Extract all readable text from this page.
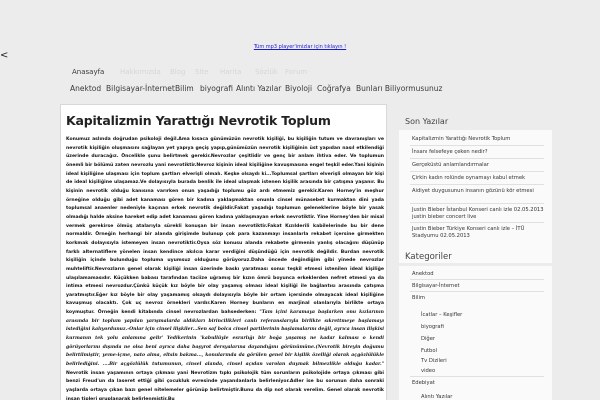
<
Tüm mp3 player'imizlar için tıklayın !
Anasayfa Hakkımızda Blog Site Harita Sözlük Forum
Anektod Bilgisayar-İnternet Bilim biyografi Alıntı Yazılar Biyoloji Coğrafya Bunları Biliyormusunuz
Kapitalizmin Yarattığı Nevrotik Toplum
Konumuz aslında doğrudan psikoloji değil.Ama kısaca günümüzün nevrotik kişiliği, bu kişiliğin tutum ve davranışları ve nevrotik kişiliğin oluşmasını sağlayan yet yapıya geçiş yapıp,günümüzün nevrotik kişiliğinin üst yapıdan nasıl etkilendiği üzerinde duracağız. Öncelikle şunu belirtmek gerekir.Nevrozlar çeşitlidir ve genç bir anlam ihtiva eder. Ve toplumun önemli bir bölümü zaten nevrozlu yani nevrotiktir.Nevroz kişinin ideal kişiliğine kavuşmasına engel teşkil eder.Yani kişinin ideal kişiliğine ulaşması için toplum şartları elverişli olmalı. Keşke olsaydı ki...Toplumsal şartları elverişli olmayan bir kişi de ideal kişiliğine ulaşamaz.Ve dolayısıyla burada benlik ile ideal ulaşmak istenen kişilik arasında bir çatışma yaşanır. Bu kişinin nevrotik olduğu kanısına varırken onun yaşadığı toplumu göz ardı etmemiz gerekir.Karen Horney'in meşhur örneğine olduğu gibi adet kanaması gören bir kadına yaklaşmaktan onunla cinsel münasebet kurmaktan dini yada toplumsal anaenler nedeniyle kaçınan erkek nevrotik değildir.Fakat yaşadığı toplumun geleneklerine böyle bir yasak olmadığı halde aksine hareket edip adet kanaması gören kadına yaklaşmayan erkek nevrotiktir. Yine Horney'den bir misal vermek gerekirse ölmüş atalarıyla sürekli konuşan bir insan nevrotiktir.Fakat Kızılderili kabilelerinde bu bir dene normaldir. Örneğin herhangi bir alanda girişimde bulunup çok para kazanmayı insanlarla rekabet içersine girmekten korkmak dolayısıyla istemeyen insan nevrotiktir.Oysa söz konusu alanda rekabete girmenin yanlış olacağını düşünüp farklı alternatiflere yönelen insan kendince akılcıa karar verdiğini düşündüğü için nevrotik değildir. Burdan nevrotik kişiliğin içinde bulunduğu topluma uyumsuz olduğunu görüyoruz.Daha öncede değindiğim gibi yinede nevrozlar muhteliftir.Nevrozların genel olarak kişiliği insan üzerinde baskı yaratması sonuı teşkil etmesi istenilen ideal kişiliğe ulaşılamamasıdır. Küçükken babası tarafından taciize uğramış bir kızın ömrü boyunca erkeklerden nefret etmesi ya da intima etmesi nevrozdur.Çünkü küçük kız böyle bir olay yaşamış olması ideal kişiliği ile bağlantısı arasında çatışma yaratmıştır.Eğer kız böyle bir olay yaşamamış olsaydı dolayısıyla böyle bir ortam içersinde olmayacak ideal kişiliğine kavuşmuş olacaktı. Çok uç nevroz örnekleri vardır.Karen Horney bunların en marjinal olanlarıyla birlikte ortaya koymuştur. Örneğin kendi kitabında cinsel nevrozlardan bahsederken: "Tam içini karamaya başlarken onu kızlarının arasında bir toplum yapılan yarışmalarda aldıkları birincilikleri canlı referanslarıyla birlikte sıkrettmeye başlamayı istediğini kalıyordunuz.-Onlar için cinsel ilişkiler...Sen saf bolca cinsel partilerinin başlamalarını değil, ayrıca insan ilişkisi kurmanın tek yolu anlamına gelir' Yedikerinin 'kabullüyle esrarlığı bir boğa yaşamış ne kadar kalması o kendi görüyorlarını dışında ne olsa beni ayrıca daha başyrot dersyalarına dayandığını görünümüne.(Nevrotik bireyin doğumu belirtilmiştir, yeme-içme, nato alma, eltsin bakma..., konularında da görülen genel bir kişilik özelliği olarak açgözlülükle belirlediğini. ....Bir açgözlülük tutumunun, cinsel alanda, cinsel açıdan varolan duymak bilmezlikle olduğu kadar." Nevrotik insan yaşamının ortaya çıkması yani Nevrotizm tıpkı psikolojik tüm sorunların psikolojide ortaya çıkması gibi benzi Freud'un da laseret ettiği gibi çocukluk evresinde yaşanılanlarla belirleniyor.Adler ise bu sorunun daha sonraki yaşlarda ortaya çıkan bazı genel nitelemeler görünüp belirtmiştir.Bunu da dip not olarak verelim. Genel olarak nevrotik insan tipleri gruplanarak belirlenmiştir.Bu
Son Yazılar
Kapitalizmin Yarattığı Nevrotik Toplum
İnsanı felsefeye çeken nedir?
Gerçeküstü anlamlandırmalar
Çirkin kadın rolünde oynamayı kabul etmek
Aidiyet duygusunun insanın gözünü kör etmesi
Justin Bieber İstanbul Konseri canlı izle 02.05.2013 justin bieber concert live
Justin Bieber Türkiye Konseri canlı izle – İTÜ Stadyumu 02.05.2013
Kategoriler
Anektod
Bilgisayar-İnternet
Bilim
İcatlar – Keşifler
biyografi
Diğer
Futbol
Tv Dizileri
video
Edebiyat
Alıntı Yazılar
